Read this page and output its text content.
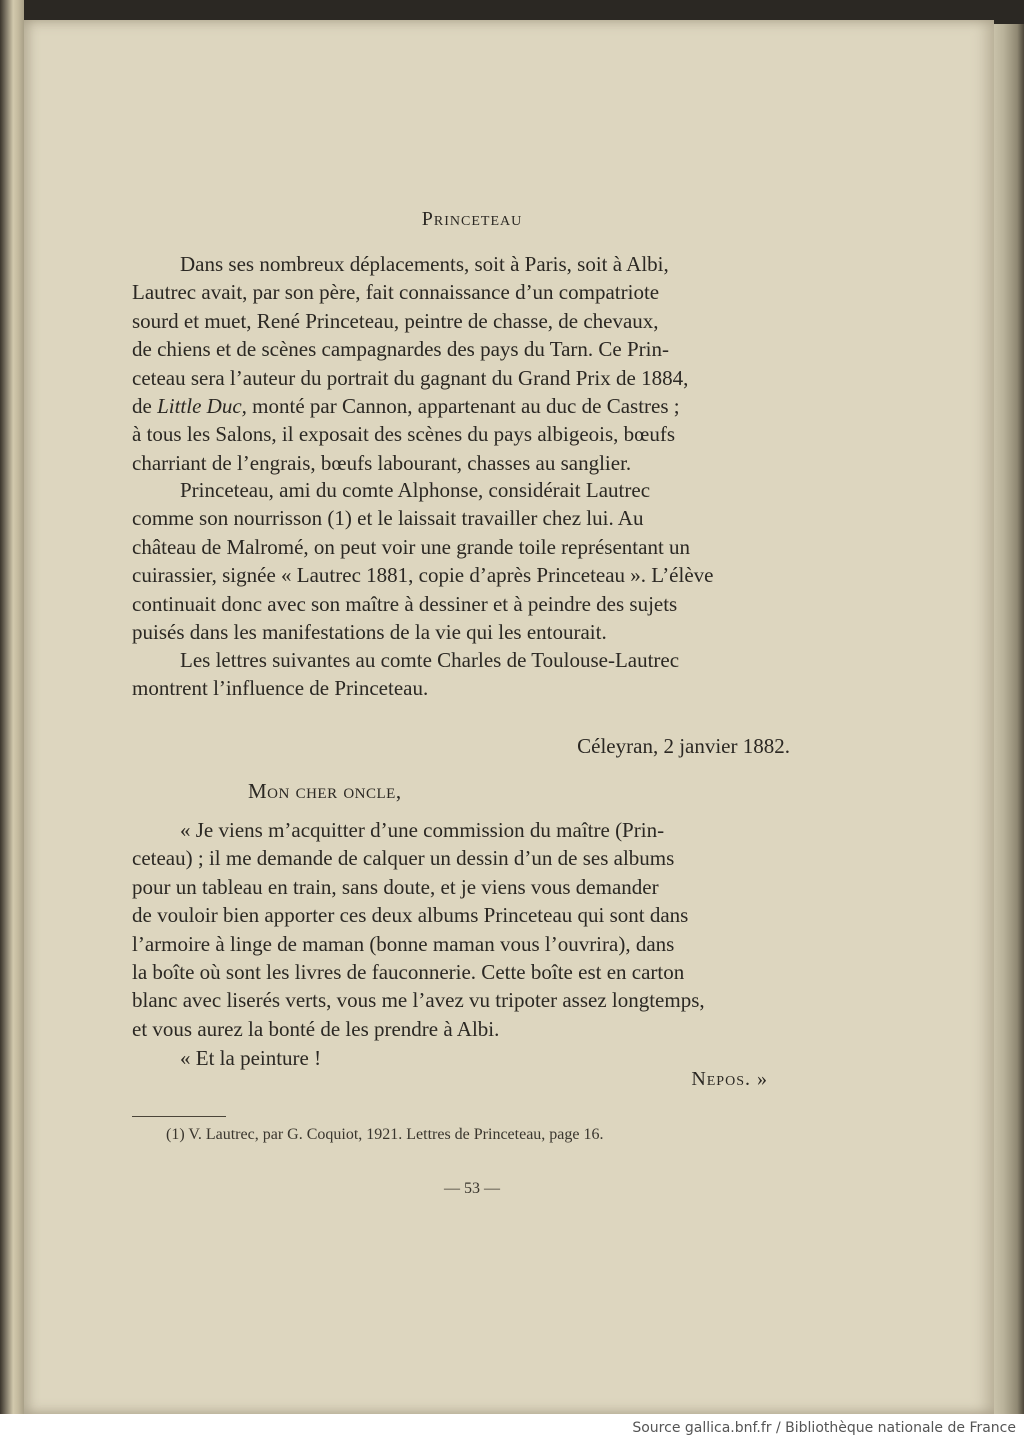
Princeteau
Dans ses nombreux déplacements, soit à Paris, soit à Albi,
Lautrec avait, par son père, fait connaissance d’un compatriote
sourd et muet, René Princeteau, peintre de chasse, de chevaux,
de chiens et de scènes campagnardes des pays du Tarn. Ce Prin-
ceteau sera l’auteur du portrait du gagnant du Grand Prix de 1884,
de Little Duc, monté par Cannon, appartenant au duc de Castres ;
à tous les Salons, il exposait des scènes du pays albigeois, bœufs
charriant de l’engrais, bœufs labourant, chasses au sanglier.
Princeteau, ami du comte Alphonse, considérait Lautrec
comme son nourrisson (1) et le laissait travailler chez lui. Au
château de Malromé, on peut voir une grande toile représentant un
cuirassier, signée « Lautrec 1881, copie d’après Princeteau ». L’élève
continuait donc avec son maître à dessiner et à peindre des sujets
puisés dans les manifestations de la vie qui les entourait.
Les lettres suivantes au comte Charles de Toulouse-Lautrec
montrent l’influence de Princeteau.
Céleyran, 2 janvier 1882.
Mon cher oncle,
« Je viens m’acquitter d’une commission du maître (Prin-
ceteau) ; il me demande de calquer un dessin d’un de ses albums
pour un tableau en train, sans doute, et je viens vous demander
de vouloir bien apporter ces deux albums Princeteau qui sont dans
l’armoire à linge de maman (bonne maman vous l’ouvrira), dans
la boîte où sont les livres de fauconnerie. Cette boîte est en carton
blanc avec liserés verts, vous me l’avez vu tripoter assez longtemps,
et vous aurez la bonté de les prendre à Albi.
« Et la peinture !
Nepos. »
(1) V. Lautrec, par G. Coquiot, 1921. Lettres de Princeteau, page 16.
— 53 —
Source gallica.bnf.fr / Bibliothèque nationale de France
